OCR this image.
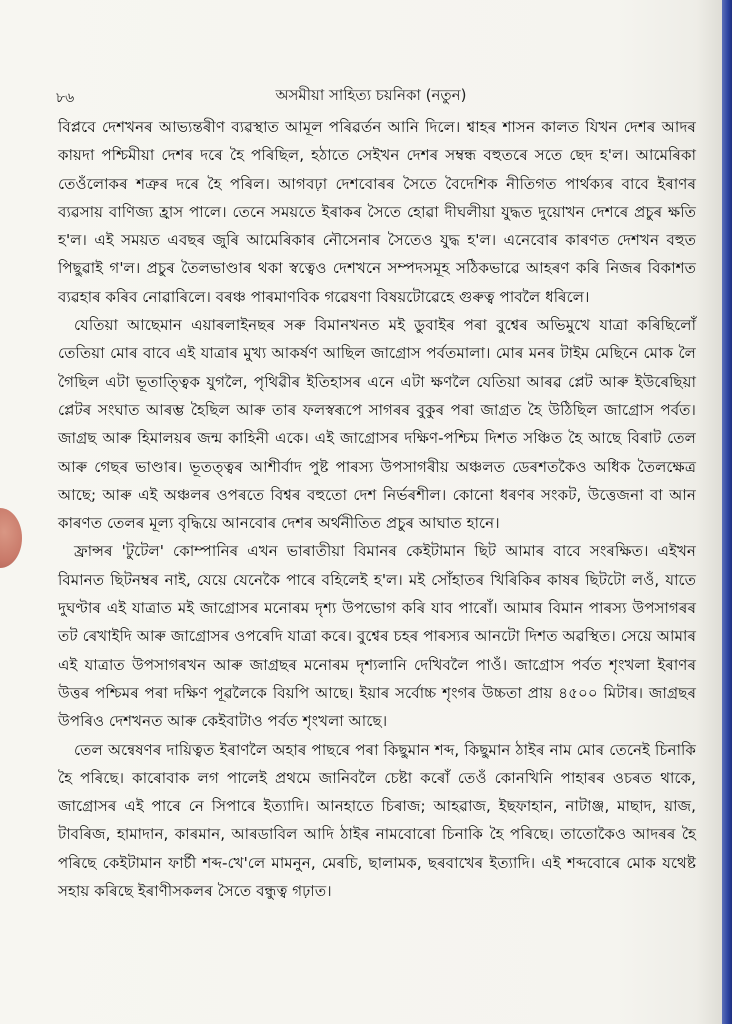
৮৬	অসমীয়া সাহিত্য চয়নিকা (নতুন)

বিপ্লবে দেশখনৰ আভ্যন্তৰীণ ব্যৱস্থাত আমূল পৰিৱৰ্তন আনি দিলে। শ্বাহৰ শাসন কালত যিখন দেশৰ আদৰ কায়দা পশ্চিমীয়া দেশৰ দৰে হৈ পৰিছিল, হঠাতে সেইখন দেশৰ সম্বন্ধ বহুতৰে সতে ছেদ হ'ল। আমেৰিকা তেওঁলোকৰ শত্ৰুৰ দৰে হৈ পৰিল। আগবঢ়া দেশবোৰৰ সৈতে বৈদেশিক নীতিগত পাৰ্থক্যৰ বাবে ইৰাণৰ ব্যৱসায় বাণিজ্য হ্ৰাস পালে। তেনে সময়তে ইৰাকৰ সৈতে হোৱা দীঘলীয়া যুদ্ধত দুয়োখন দেশৰে প্ৰচুৰ ক্ষতি হ'ল। এই সময়ত এবছৰ জুৰি আমেৰিকাৰ নৌসেনাৰ সৈতেও যুদ্ধ হ'ল। এনেবোৰ কাৰণত দেশখন বহুত পিছুৱাই গ'ল। প্ৰচুৰ তৈলভাণ্ডাৰ থকা স্বত্বেও দেশখনে সম্পদসমূহ সঠিকভাৱে আহৰণ কৰি নিজৰ বিকাশত ব্যৱহাৰ কৰিব নোৱাৰিলে। বৰঞ্চ পাৰমাণবিক গৱেষণা বিষয়টোৱেহে গুৰুত্ব পাবলৈ ধৰিলে।

যেতিয়া আছেমান এয়াৰলাইনছৰ সৰু বিমানখনত মই ডুবাইৰ পৰা বুশ্বেৰ অভিমুখে যাত্ৰা কৰিছিলোঁ তেতিয়া মোৰ বাবে এই যাত্ৰাৰ মুখ্য আকৰ্ষণ আছিল জাগ্ৰোস পৰ্বতমালা। মোৰ মনৰ টাইম মেছিনে মোক লৈ গৈছিল এটা ভূতাত্ত্বিক যুগলৈ, পৃথিৱীৰ ইতিহাসৰ এনে এটা ক্ষণলৈ যেতিয়া আৰৱ প্লেট আৰু ইউৰেছিয়া প্লেটৰ সংঘাত আৰম্ভ হৈছিল আৰু তাৰ ফলস্বৰূপে সাগৰৰ বুকুৰ পৰা জাগ্ৰত হৈ উঠিছিল জাগ্ৰোস পৰ্বত। জাগ্ৰছ আৰু হিমালয়ৰ জন্ম কাহিনী একে। এই জাগ্ৰোসৰ দক্ষিণ-পশ্চিম দিশত সঞ্চিত হৈ আছে বিৰাট তেল আৰু গেছৰ ভাণ্ডাৰ। ভূতত্ত্বৰ আশীৰ্বাদ পুষ্ট পাৰস্য উপসাগৰীয় অঞ্চলত ডেৰশতকৈও অধিক তৈলক্ষেত্ৰ আছে; আৰু এই অঞ্চলৰ ওপৰতে বিশ্বৰ বহুতো দেশ নিৰ্ভৰশীল। কোনো ধৰণৰ সংকট, উত্তেজনা বা আন কাৰণত তেলৰ মূল্য বৃদ্ধিয়ে আনবোৰ দেশৰ অৰ্থনীতিত প্ৰচুৰ আঘাত হানে।

ফ্ৰান্সৰ 'টুটেল' কোম্পানিৰ এখন ভাৰাতীয়া বিমানৰ কেইটামান ছিট আমাৰ বাবে সংৰক্ষিত। এইখন বিমানত ছিটনম্বৰ নাই, যেয়ে যেনেকৈ পাৰে বহিলেই হ'ল। মই সোঁহাতৰ খিৰিকিৰ কাষৰ ছিটটো লওঁ, যাতে দুঘণ্টাৰ এই যাত্ৰাত মই জাগ্ৰোসৰ মনোৰম দৃশ্য উপভোগ কৰি যাব পাৰোঁ। আমাৰ বিমান পাৰস্য উপসাগৰৰ তট ৰেখাইদি আৰু জাগ্ৰোসৰ ওপৰেদি যাত্ৰা কৰে। বুশ্বেৰ চহৰ পাৰস্যৰ আনটো দিশত অৱস্থিত। সেয়ে আমাৰ এই যাত্ৰাত উপসাগৰখন আৰু জাগ্ৰছৰ মনোৰম দৃশ্যলানি দেখিবলৈ পাওঁ। জাগ্ৰোস পৰ্বত শৃংখলা ইৰাণৰ উত্তৰ পশ্চিমৰ পৰা দক্ষিণ পূৱলৈকে বিয়পি আছে। ইয়াৰ সৰ্বোচ্চ শৃংগৰ উচ্চতা প্ৰায় ৪৫০০ মিটাৰ। জাগ্ৰছৰ উপৰিও দেশখনত আৰু কেইবাটাও পৰ্বত শৃংখলা আছে।

তেল অন্বেষণৰ দায়িত্বত ইৰাণলৈ অহাৰ পাছৰে পৰা কিছুমান শব্দ, কিছুমান ঠাইৰ নাম মোৰ তেনেই চিনাকি হৈ পৰিছে। কাৰোবাক লগ পালেই প্ৰথমে জানিবলৈ চেষ্টা কৰোঁ তেওঁ কোনখিনি পাহাৰৰ ওচৰত থাকে, জাগ্ৰোসৰ এই পাৰে নে সিপাৰে ইত্যাদি। আনহাতে চিৰাজ; আহৱাজ, ইছফাহান, নাটাঞ্জ, মাছাদ, য়াজ, টাবৰিজ, হামাদান, কাৰমান, আৰডাবিল আদি ঠাইৰ নামবোৰো চিনাকি হৈ পৰিছে। তাতোকৈও আদৰৰ হৈ পৰিছে কেইটামান ফাৰ্চী শব্দ-খে'লে মামনুন, মেৰচি, ছালামক, ছৰবাখেৰ ইত্যাদি। এই শব্দবোৰে মোক যথেষ্ট সহায় কৰিছে ইৰাণীসকলৰ সৈতে বন্ধুত্ব গঢ়াত।
